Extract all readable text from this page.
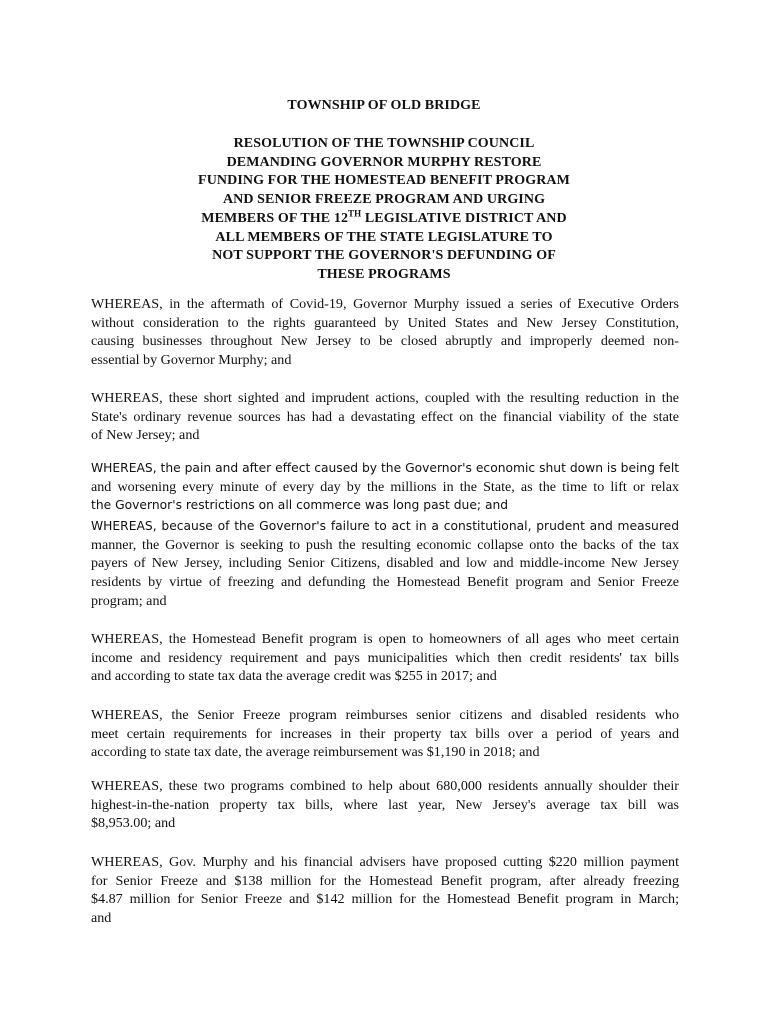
TOWNSHIP OF OLD BRIDGE
RESOLUTION OF THE TOWNSHIP COUNCIL
DEMANDING GOVERNOR MURPHY RESTORE
FUNDING FOR THE HOMESTEAD BENEFIT PROGRAM
AND SENIOR FREEZE PROGRAM AND URGING
MEMBERS OF THE 12TH LEGISLATIVE DISTRICT AND
ALL MEMBERS OF THE STATE LEGISLATURE TO
NOT SUPPORT THE GOVERNOR'S DEFUNDING OF
THESE PROGRAMS
WHEREAS, in the aftermath of Covid-19, Governor Murphy issued a series of Executive Orders
without consideration to the rights guaranteed by United States and New Jersey Constitution,
causing businesses throughout New Jersey to be closed abruptly and improperly deemed non-
essential by Governor Murphy; and
WHEREAS, these short sighted and imprudent actions, coupled with the resulting reduction in the
State's ordinary revenue sources has had a devastating effect on the financial viability of the state
of New Jersey; and
WHEREAS, the pain and after effect caused by the Governor's economic shut down is being felt
and worsening every minute of every day by the millions in the State, as the time to lift or relax
the Governor's restrictions on all commerce was long past due; and
WHEREAS, because of the Governor's failure to act in a constitutional, prudent and measured
manner, the Governor is seeking to push the resulting economic collapse onto the backs of the tax
payers of New Jersey, including Senior Citizens, disabled and low and middle-income New Jersey
residents by virtue of freezing and defunding the Homestead Benefit program and Senior Freeze
program; and
WHEREAS, the Homestead Benefit program is open to homeowners of all ages who meet certain
income and residency requirement and pays municipalities which then credit residents' tax bills
and according to state tax data the average credit was $255 in 2017; and
WHEREAS, the Senior Freeze program reimburses senior citizens and disabled residents who
meet certain requirements for increases in their property tax bills over a period of years and
according to state tax date, the average reimbursement was $1,190 in 2018; and
WHEREAS, these two programs combined to help about 680,000 residents annually shoulder their
highest-in-the-nation property tax bills, where last year, New Jersey's average tax bill was
$8,953.00; and
WHEREAS, Gov. Murphy and his financial advisers have proposed cutting $220 million payment
for Senior Freeze and $138 million for the Homestead Benefit program, after already freezing
$4.87 million for Senior Freeze and $142 million for the Homestead Benefit program in March;
and
